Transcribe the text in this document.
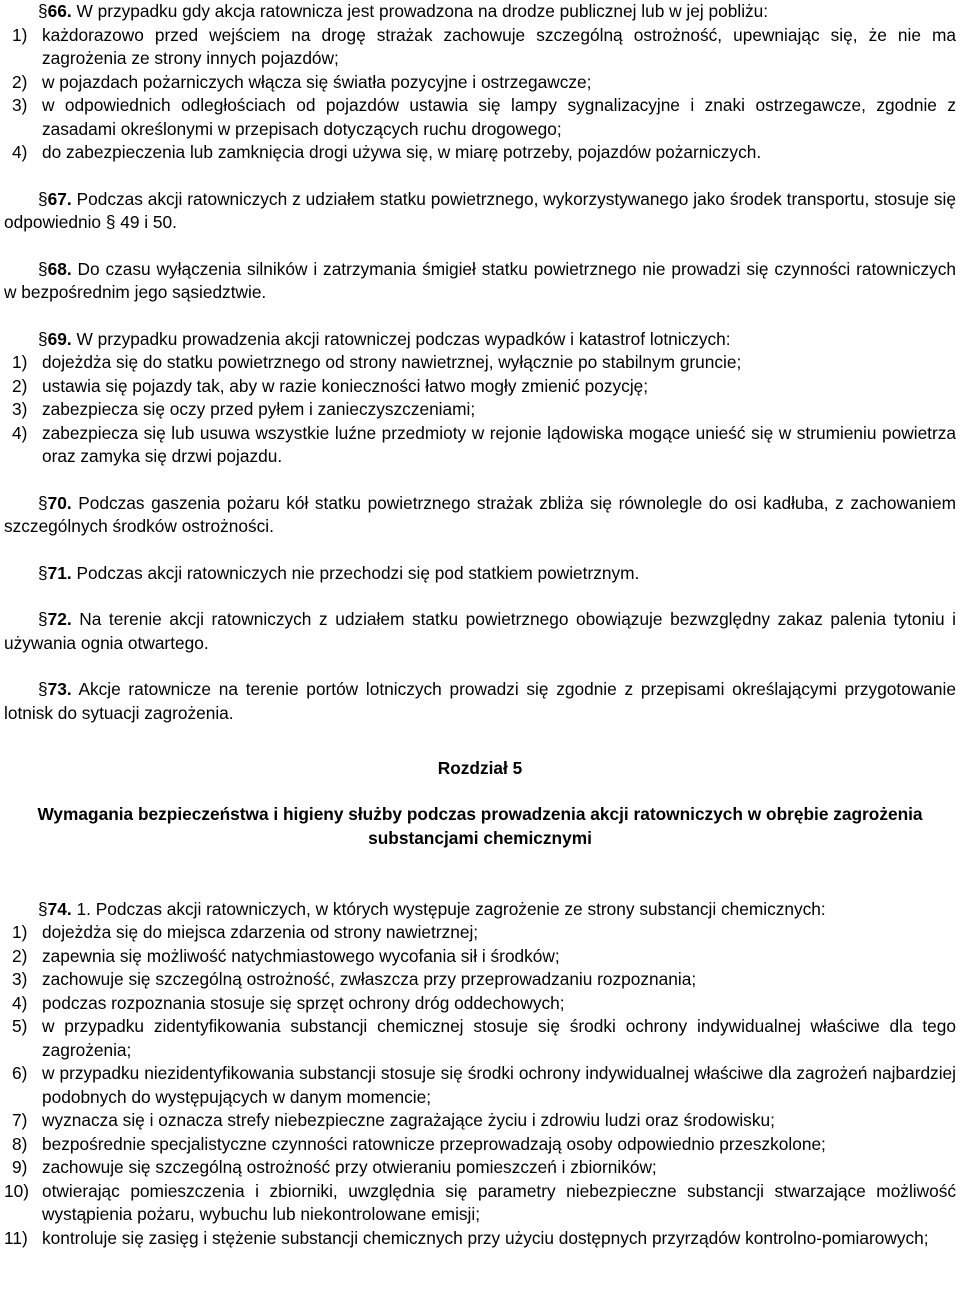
§66. W przypadku gdy akcja ratownicza jest prowadzona na drodze publicznej lub w jej pobliżu:

1) każdorazowo przed wejściem na drogę strażak zachowuje szczególną ostrożność, upewniając się, że nie ma zagrożenia ze strony innych pojazdów;
2) w pojazdach pożarniczych włącza się światła pozycyjne i ostrzegawcze;
3) w odpowiednich odległościach od pojazdów ustawia się lampy sygnalizacyjne i znaki ostrzegawcze, zgodnie z zasadami określonymi w przepisach dotyczących ruchu drogowego;
4) do zabezpieczenia lub zamknięcia drogi używa się, w miarę potrzeby, pojazdów pożarniczych.

§67. Podczas akcji ratowniczych z udziałem statku powietrznego, wykorzystywanego jako środek transportu, stosuje się odpowiednio § 49 i 50.

§68. Do czasu wyłączenia silników i zatrzymania śmigieł statku powietrznego nie prowadzi się czynności ratowniczych w bezpośrednim jego sąsiedztwie.

§69. W przypadku prowadzenia akcji ratowniczej podczas wypadków i katastrof lotniczych:

1) dojeżdża się do statku powietrznego od strony nawietrznej, wyłącznie po stabilnym gruncie;
2) ustawia się pojazdy tak, aby w razie konieczności łatwo mogły zmienić pozycję;
3) zabezpiecza się oczy przed pyłem i zanieczyszczeniami;
4) zabezpiecza się lub usuwa wszystkie luźne przedmioty w rejonie lądowiska mogące unieść się w strumieniu powietrza oraz zamyka się drzwi pojazdu.

§70. Podczas gaszenia pożaru kół statku powietrznego strażak zbliża się równolegle do osi kadłuba, z zachowaniem szczególnych środków ostrożności.

§71. Podczas akcji ratowniczych nie przechodzi się pod statkiem powietrznym.

§72. Na terenie akcji ratowniczych z udziałem statku powietrznego obowiązuje bezwzględny zakaz palenia tytoniu i używania ognia otwartego.

§73. Akcje ratownicze na terenie portów lotniczych prowadzi się zgodnie z przepisami określającymi przygotowanie lotnisk do sytuacji zagrożenia.

Rozdział 5

Wymagania bezpieczeństwa i higieny służby podczas prowadzenia akcji ratowniczych w obrębie zagrożenia substancjami chemicznymi

§74. 1. Podczas akcji ratowniczych, w których występuje zagrożenie ze strony substancji chemicznych:

1) dojeżdża się do miejsca zdarzenia od strony nawietrznej;
2) zapewnia się możliwość natychmiastowego wycofania sił i środków;
3) zachowuje się szczególną ostrożność, zwłaszcza przy przeprowadzaniu rozpoznania;
4) podczas rozpoznania stosuje się sprzęt ochrony dróg oddechowych;
5) w przypadku zidentyfikowania substancji chemicznej stosuje się środki ochrony indywidualnej właściwe dla tego zagrożenia;
6) w przypadku niezidentyfikowania substancji stosuje się środki ochrony indywidualnej właściwe dla zagrożeń najbardziej podobnych do występujących w danym momencie;
7) wyznacza się i oznacza strefy niebezpieczne zagrażające życiu i zdrowiu ludzi oraz środowisku;
8) bezpośrednie specjalistyczne czynności ratownicze przeprowadzają osoby odpowiednio przeszkolone;
9) zachowuje się szczególną ostrożność przy otwieraniu pomieszczeń i zbiorników;
10) otwierając pomieszczenia i zbiorniki, uwzględnia się parametry niebezpieczne substancji stwarzające możliwość wystąpienia pożaru, wybuchu lub niekontrolowane emisji;
11) kontroluje się zasięg i stężenie substancji chemicznych przy użyciu dostępnych przyrządów kontrolno-pomiarowych;
